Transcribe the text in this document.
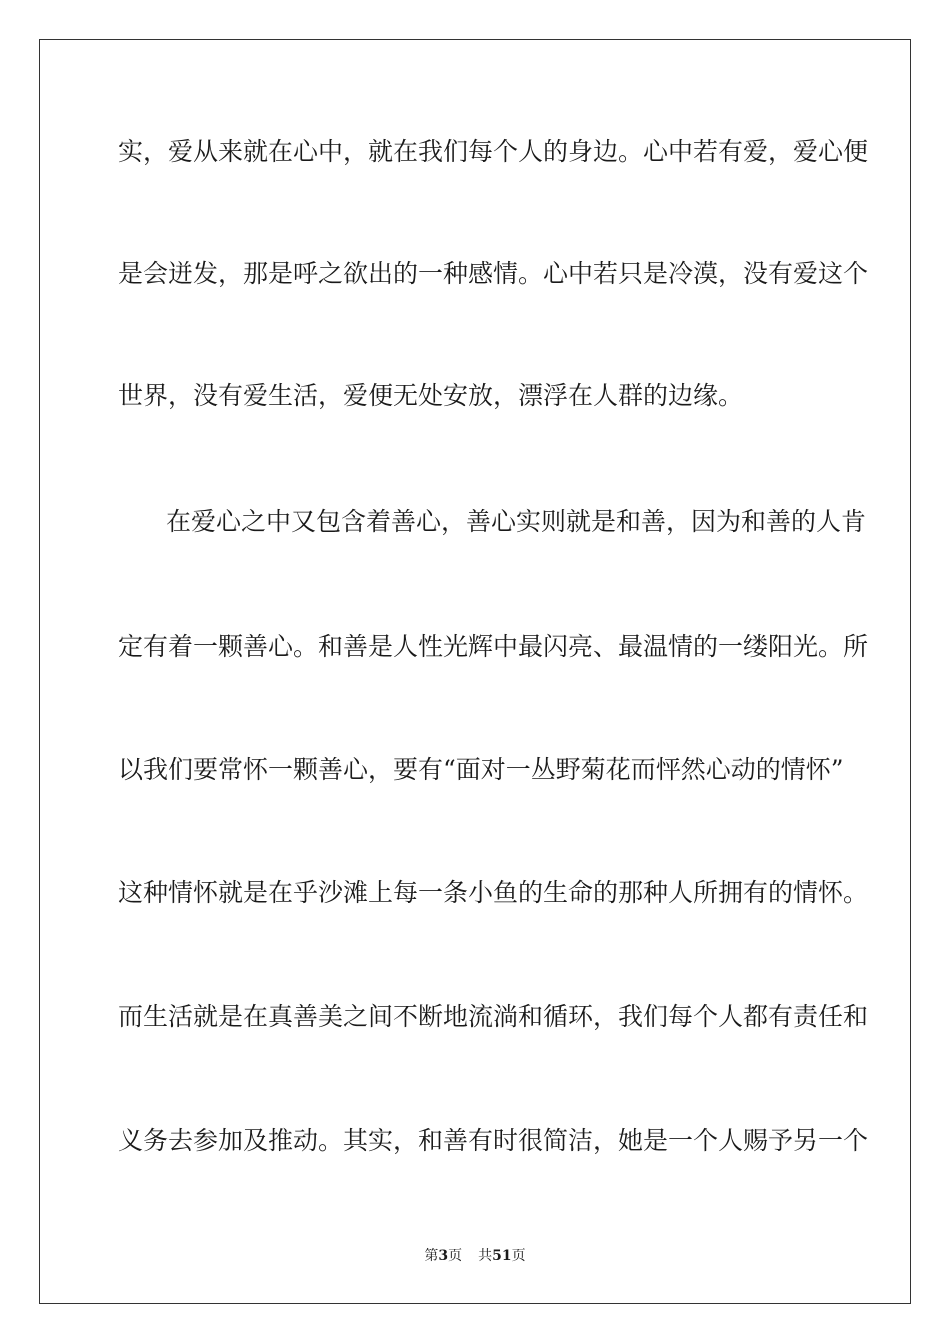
实，爱从来就在心中，就在我们每个人的身边。心中若有爱，爱心便
是会迸发，那是呼之欲出的一种感情。心中若只是冷漠，没有爱这个
世界，没有爱生活，爱便无处安放，漂浮在人群的边缘。
在爱心之中又包含着善心，善心实则就是和善，因为和善的人肯
定有着一颗善心。和善是人性光辉中最闪亮、最温情的一缕阳光。所
以我们要常怀一颗善心，要有“面对一丛野菊花而怦然心动的情怀”
这种情怀就是在乎沙滩上每一条小鱼的生命的那种人所拥有的情怀。
而生活就是在真善美之间不断地流淌和循环，我们每个人都有责任和
义务去参加及推动。其实，和善有时很简洁，她是一个人赐予另一个
第3页 共51页
